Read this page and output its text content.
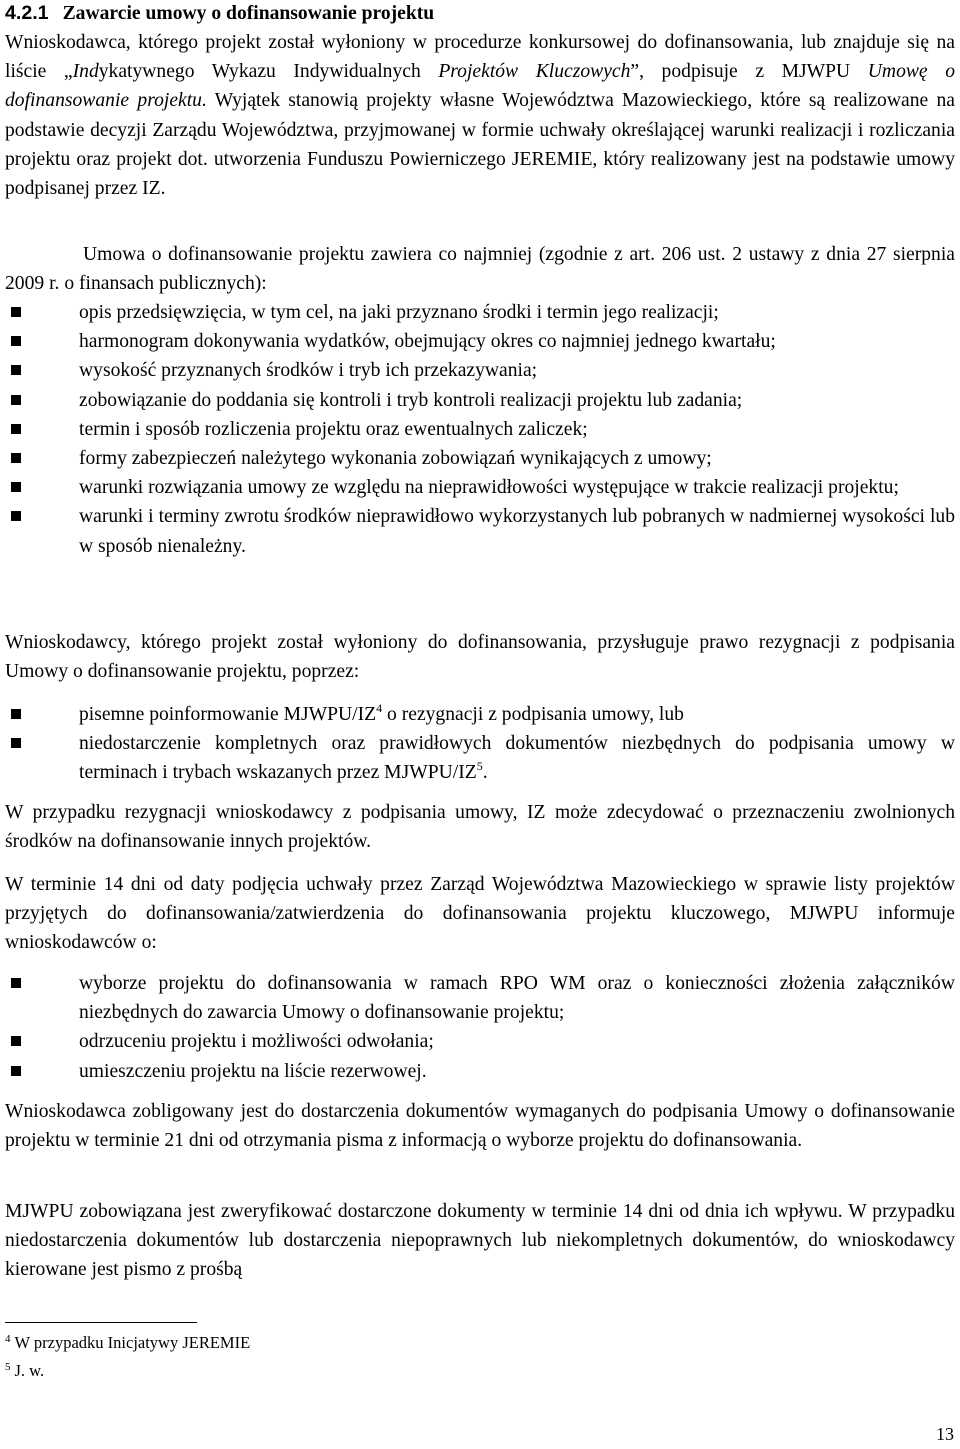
4.2.1 Zawarcie umowy o dofinansowanie projektu

Wnioskodawca, którego projekt został wyłoniony w procedurze konkursowej do dofinansowania, lub znajduje się na liście „Indykatywnego Wykazu Indywidualnych Projektów Kluczowych”, podpisuje z MJWPU Umowę o dofinansowanie projektu. Wyjątek stanowią projekty własne Województwa Mazowieckiego, które są realizowane na podstawie decyzji Zarządu Województwa, przyjmowanej w formie uchwały określającej warunki realizacji i rozliczania projektu oraz projekt dot. utworzenia Funduszu Powierniczego JEREMIE, który realizowany jest na podstawie umowy podpisanej przez IZ.

Umowa o dofinansowanie projektu zawiera co najmniej (zgodnie z art. 206 ust. 2 ustawy z dnia 27 sierpnia 2009 r. o finansach publicznych):

opis przedsięwzięcia, w tym cel, na jaki przyznano środki i termin jego realizacji;
harmonogram dokonywania wydatków, obejmujący okres co najmniej jednego kwartału;
wysokość przyznanych środków i tryb ich przekazywania;
zobowiązanie do poddania się kontroli i tryb kontroli realizacji projektu lub zadania;
termin i sposób rozliczenia projektu oraz ewentualnych zaliczek;
formy zabezpieczeń należytego wykonania zobowiązań wynikających z umowy;
warunki rozwiązania umowy ze względu na nieprawidłowości występujące w trakcie realizacji projektu;
warunki i terminy zwrotu środków nieprawidłowo wykorzystanych lub pobranych w nadmiernej wysokości lub w sposób nienależny.

Wnioskodawcy, którego projekt został wyłoniony do dofinansowania, przysługuje prawo rezygnacji z podpisania Umowy o dofinansowanie projektu, poprzez:

pisemne poinformowanie MJWPU/IZ$^4$ o rezygnacji z podpisania umowy, lub
niedostarczenie kompletnych oraz prawidłowych dokumentów niezbędnych do podpisania umowy w terminach i trybach wskazanych przez MJWPU/IZ$^5$.

W przypadku rezygnacji wnioskodawcy z podpisania umowy, IZ może zdecydować o przeznaczeniu zwolnionych środków na dofinansowanie innych projektów.

W terminie 14 dni od daty podjęcia uchwały przez Zarząd Województwa Mazowieckiego w sprawie listy projektów przyjętych do dofinansowania/zatwierdzenia do dofinansowania projektu kluczowego, MJWPU informuje wnioskodawców o:

wyborze projektu do dofinansowania w ramach RPO WM oraz o konieczności złożenia załączników niezbędnych do zawarcia Umowy o dofinansowanie projektu;
odrzuceniu projektu i możliwości odwołania;
umieszczeniu projektu na liście rezerwowej.

Wnioskodawca zobligowany jest do dostarczenia dokumentów wymaganych do podpisania Umowy o dofinansowanie projektu w terminie 21 dni od otrzymania pisma z informacją o wyborze projektu do dofinansowania.

MJWPU zobowiązana jest zweryfikować dostarczone dokumenty w terminie 14 dni od dnia ich wpływu. W przypadku niedostarczenia dokumentów lub dostarczenia niepoprawnych lub niekompletnych dokumentów, do wnioskodawcy kierowane jest pismo z prośbą

$^4$ W przypadku Inicjatywy JEREMIE
$^5$ J. w.
13
